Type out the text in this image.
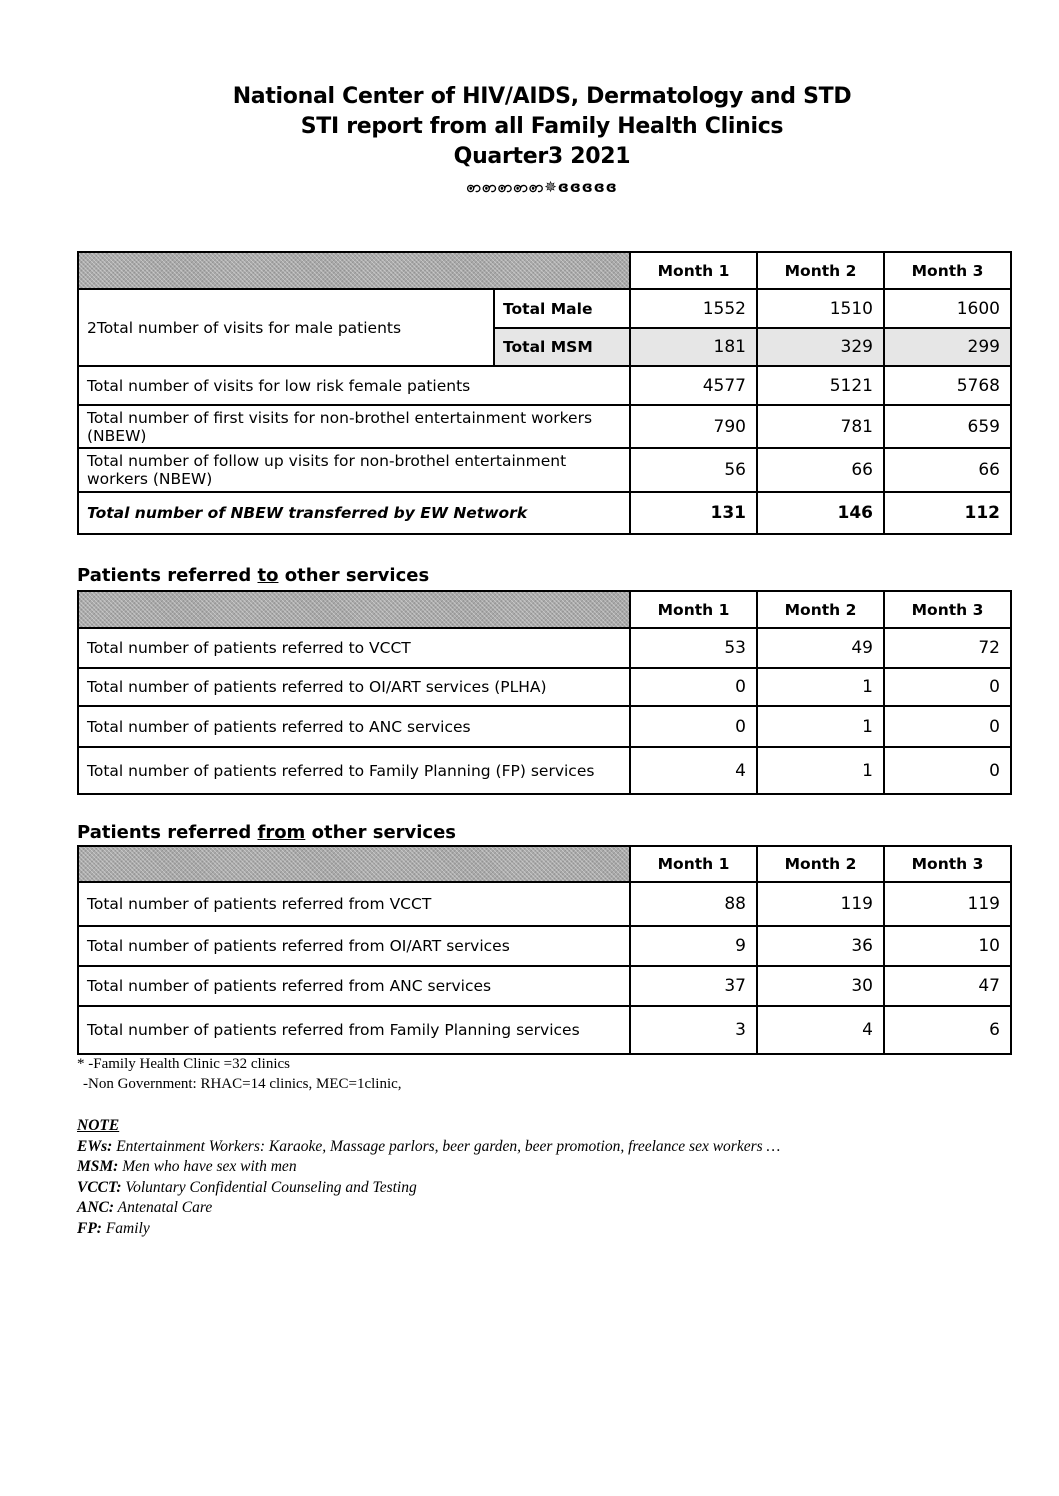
National Center of HIV/AIDS, Dermatology and STD
STI report from all Family Health Clinics
Quarter3 2021
ꩦꩦꩦꩦꩦ✵ɞɞɞɞɞ
		Month 1	Month 2	Month 3
2Total number of visits for male patients	Total Male	1552	1510	1600
	Total MSM	181	329	299
Total number of visits for low risk female patients		4577	5121	5768
Total number of first visits for non-brothel entertainment workers (NBEW)		790	781	659
Total number of follow up visits for non-brothel entertainment workers (NBEW)		56	66	66
Total number of NBEW transferred by EW Network		131	146	112
Patients referred to other services
	Month 1	Month 2	Month 3
Total number of patients referred to VCCT	53	49	72
Total number of patients referred to OI/ART services (PLHA)	0	1	0
Total number of patients referred to ANC services	0	1	0
Total number of patients referred to Family Planning (FP) services	4	1	0
Patients referred from other services
	Month 1	Month 2	Month 3
Total number of patients referred from VCCT	88	119	119
Total number of patients referred from OI/ART services	9	36	10
Total number of patients referred from ANC services	37	30	47
Total number of patients referred from Family Planning services	3	4	6
* -Family Health Clinic =32 clinics
-Non Government: RHAC=14 clinics, MEC=1clinic,
NOTE
EWs: Entertainment Workers: Karaoke, Massage parlors, beer garden, beer promotion, freelance sex workers …
MSM: Men who have sex with men
VCCT: Voluntary Confidential Counseling and Testing
ANC: Antenatal Care
FP: Family
